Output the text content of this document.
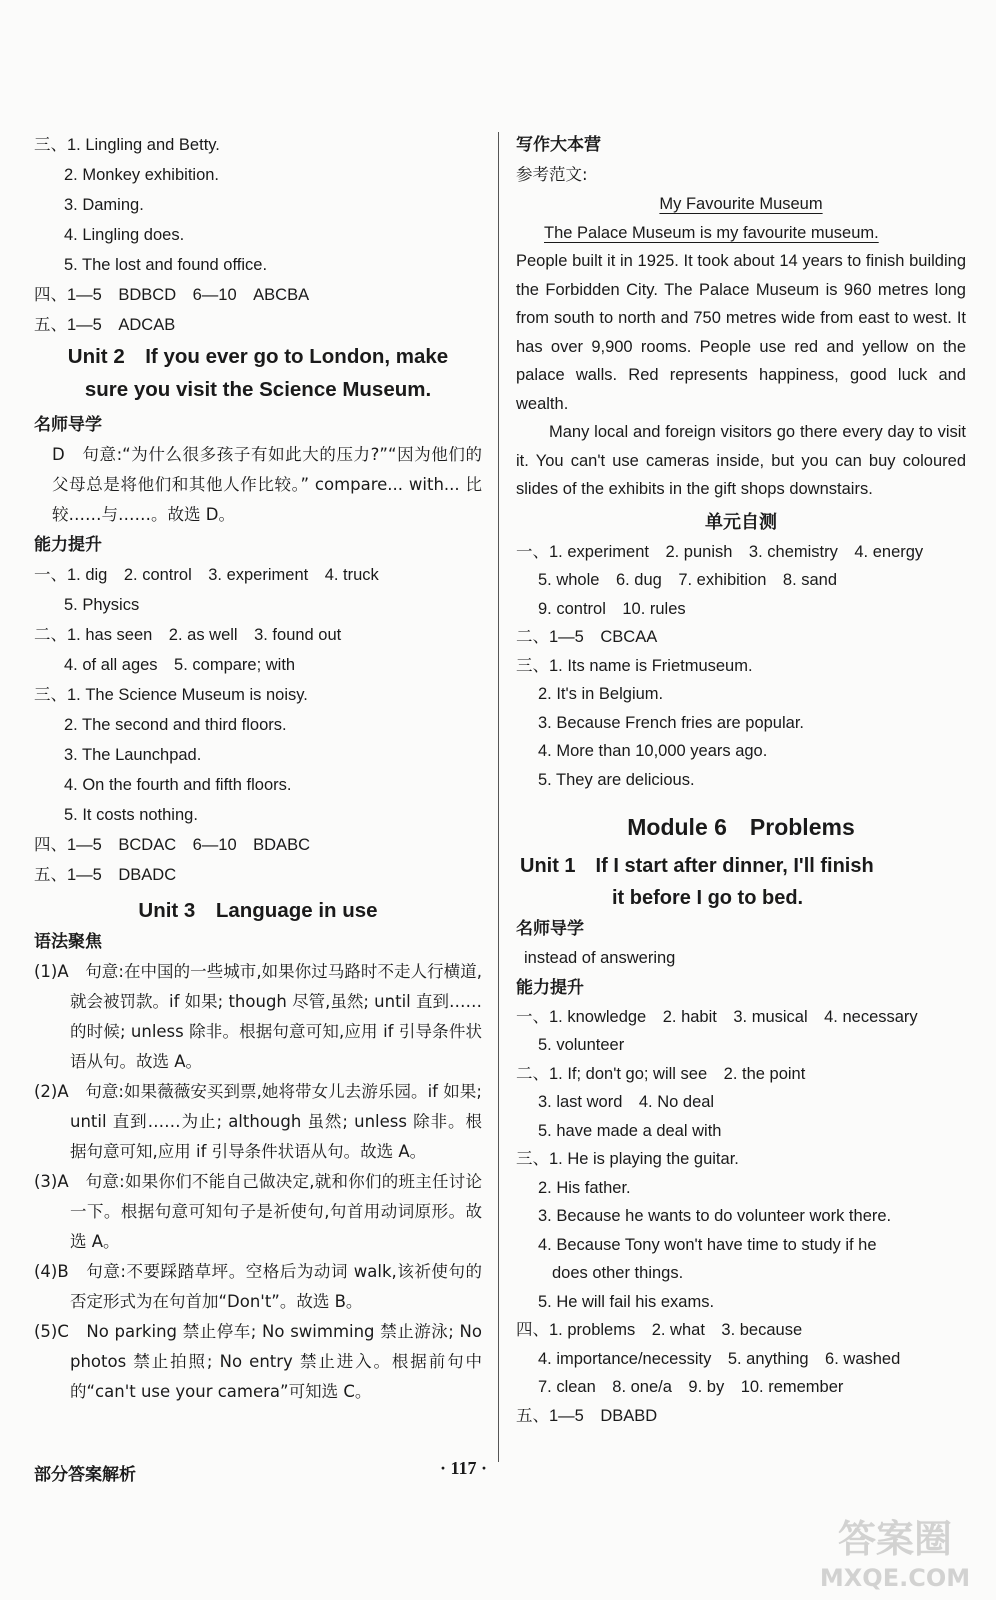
三、1. Lingling and Betty.
2. Monkey exhibition.
3. Daming.
4. Lingling does.
5. The lost and found office.
四、1—5　BDBCD　6—10　ABCBA
五、1—5　ADCAB
Unit 2　If you ever go to London, make
sure you visit the Science Museum.
名师导学
D　句意:“为什么很多孩子有如此大的压力?”“因为他们的父母总是将他们和其他人作比较。” compare... with... 比较……与……。故选 D。
能力提升
一、1. dig　2. control　3. experiment　4. truck
5. Physics
二、1. has seen　2. as well　3. found out
4. of all ages　5. compare; with
三、1. The Science Museum is noisy.
2. The second and third floors.
3. The Launchpad.
4. On the fourth and fifth floors.
5. It costs nothing.
四、1—5　BCDAC　6—10　BDABC
五、1—5　DBADC
Unit 3　Language in use
语法聚焦
(1)A　句意:在中国的一些城市,如果你过马路时不走人行横道,就会被罚款。if 如果; though 尽管,虽然; until 直到……的时候; unless 除非。根据句意可知,应用 if 引导条件状语从句。故选 A。
(2)A　句意:如果薇薇安买到票,她将带女儿去游乐园。if 如果; until 直到……为止; although 虽然; unless 除非。根据句意可知,应用 if 引导条件状语从句。故选 A。
(3)A　句意:如果你们不能自己做决定,就和你们的班主任讨论一下。根据句意可知句子是祈使句,句首用动词原形。故选 A。
(4)B　句意:不要踩踏草坪。空格后为动词 walk,该祈使句的否定形式为在句首加“Don't”。故选 B。
(5)C　No parking 禁止停车; No swimming 禁止游泳; No photos 禁止拍照; No entry 禁止进入。根据前句中的“can't use your camera”可知选 C。
写作大本营
参考范文:
My Favourite Museum
The Palace Museum is my favourite museum.
People built it in 1925. It took about 14 years to finish building the Forbidden City. The Palace Museum is 960 metres long from south to north and 750 metres wide from east to west. It has over 9,900 rooms. People use red and yellow on the palace walls. Red represents happiness, good luck and wealth.
Many local and foreign visitors go there every day to visit it. You can't use cameras inside, but you can buy coloured slides of the exhibits in the gift shops downstairs.
单元自测
一、1. experiment　2. punish　3. chemistry　4. energy
5. whole　6. dug　7. exhibition　8. sand
9. control　10. rules
二、1—5　CBCAA
三、1. Its name is Frietmuseum.
2. It's in Belgium.
3. Because French fries are popular.
4. More than 10,000 years ago.
5. They are delicious.
Module 6　Problems
Unit 1　If I start after dinner, I'll finish
it before I go to bed.
名师导学
instead of answering
能力提升
一、1. knowledge　2. habit　3. musical　4. necessary
5. volunteer
二、1. If; don't go; will see　2. the point
3. last word　4. No deal
5. have made a deal with
三、1. He is playing the guitar.
2. His father.
3. Because he wants to do volunteer work there.
4. Because Tony won't have time to study if he
does other things.
5. He will fail his exams.
四、1. problems　2. what　3. because
4. importance/necessity　5. anything　6. washed
7. clean　8. one/a　9. by　10. remember
五、1—5　DBABD
部分答案解析	· 117 ·
答案圈
MXQE.COM
